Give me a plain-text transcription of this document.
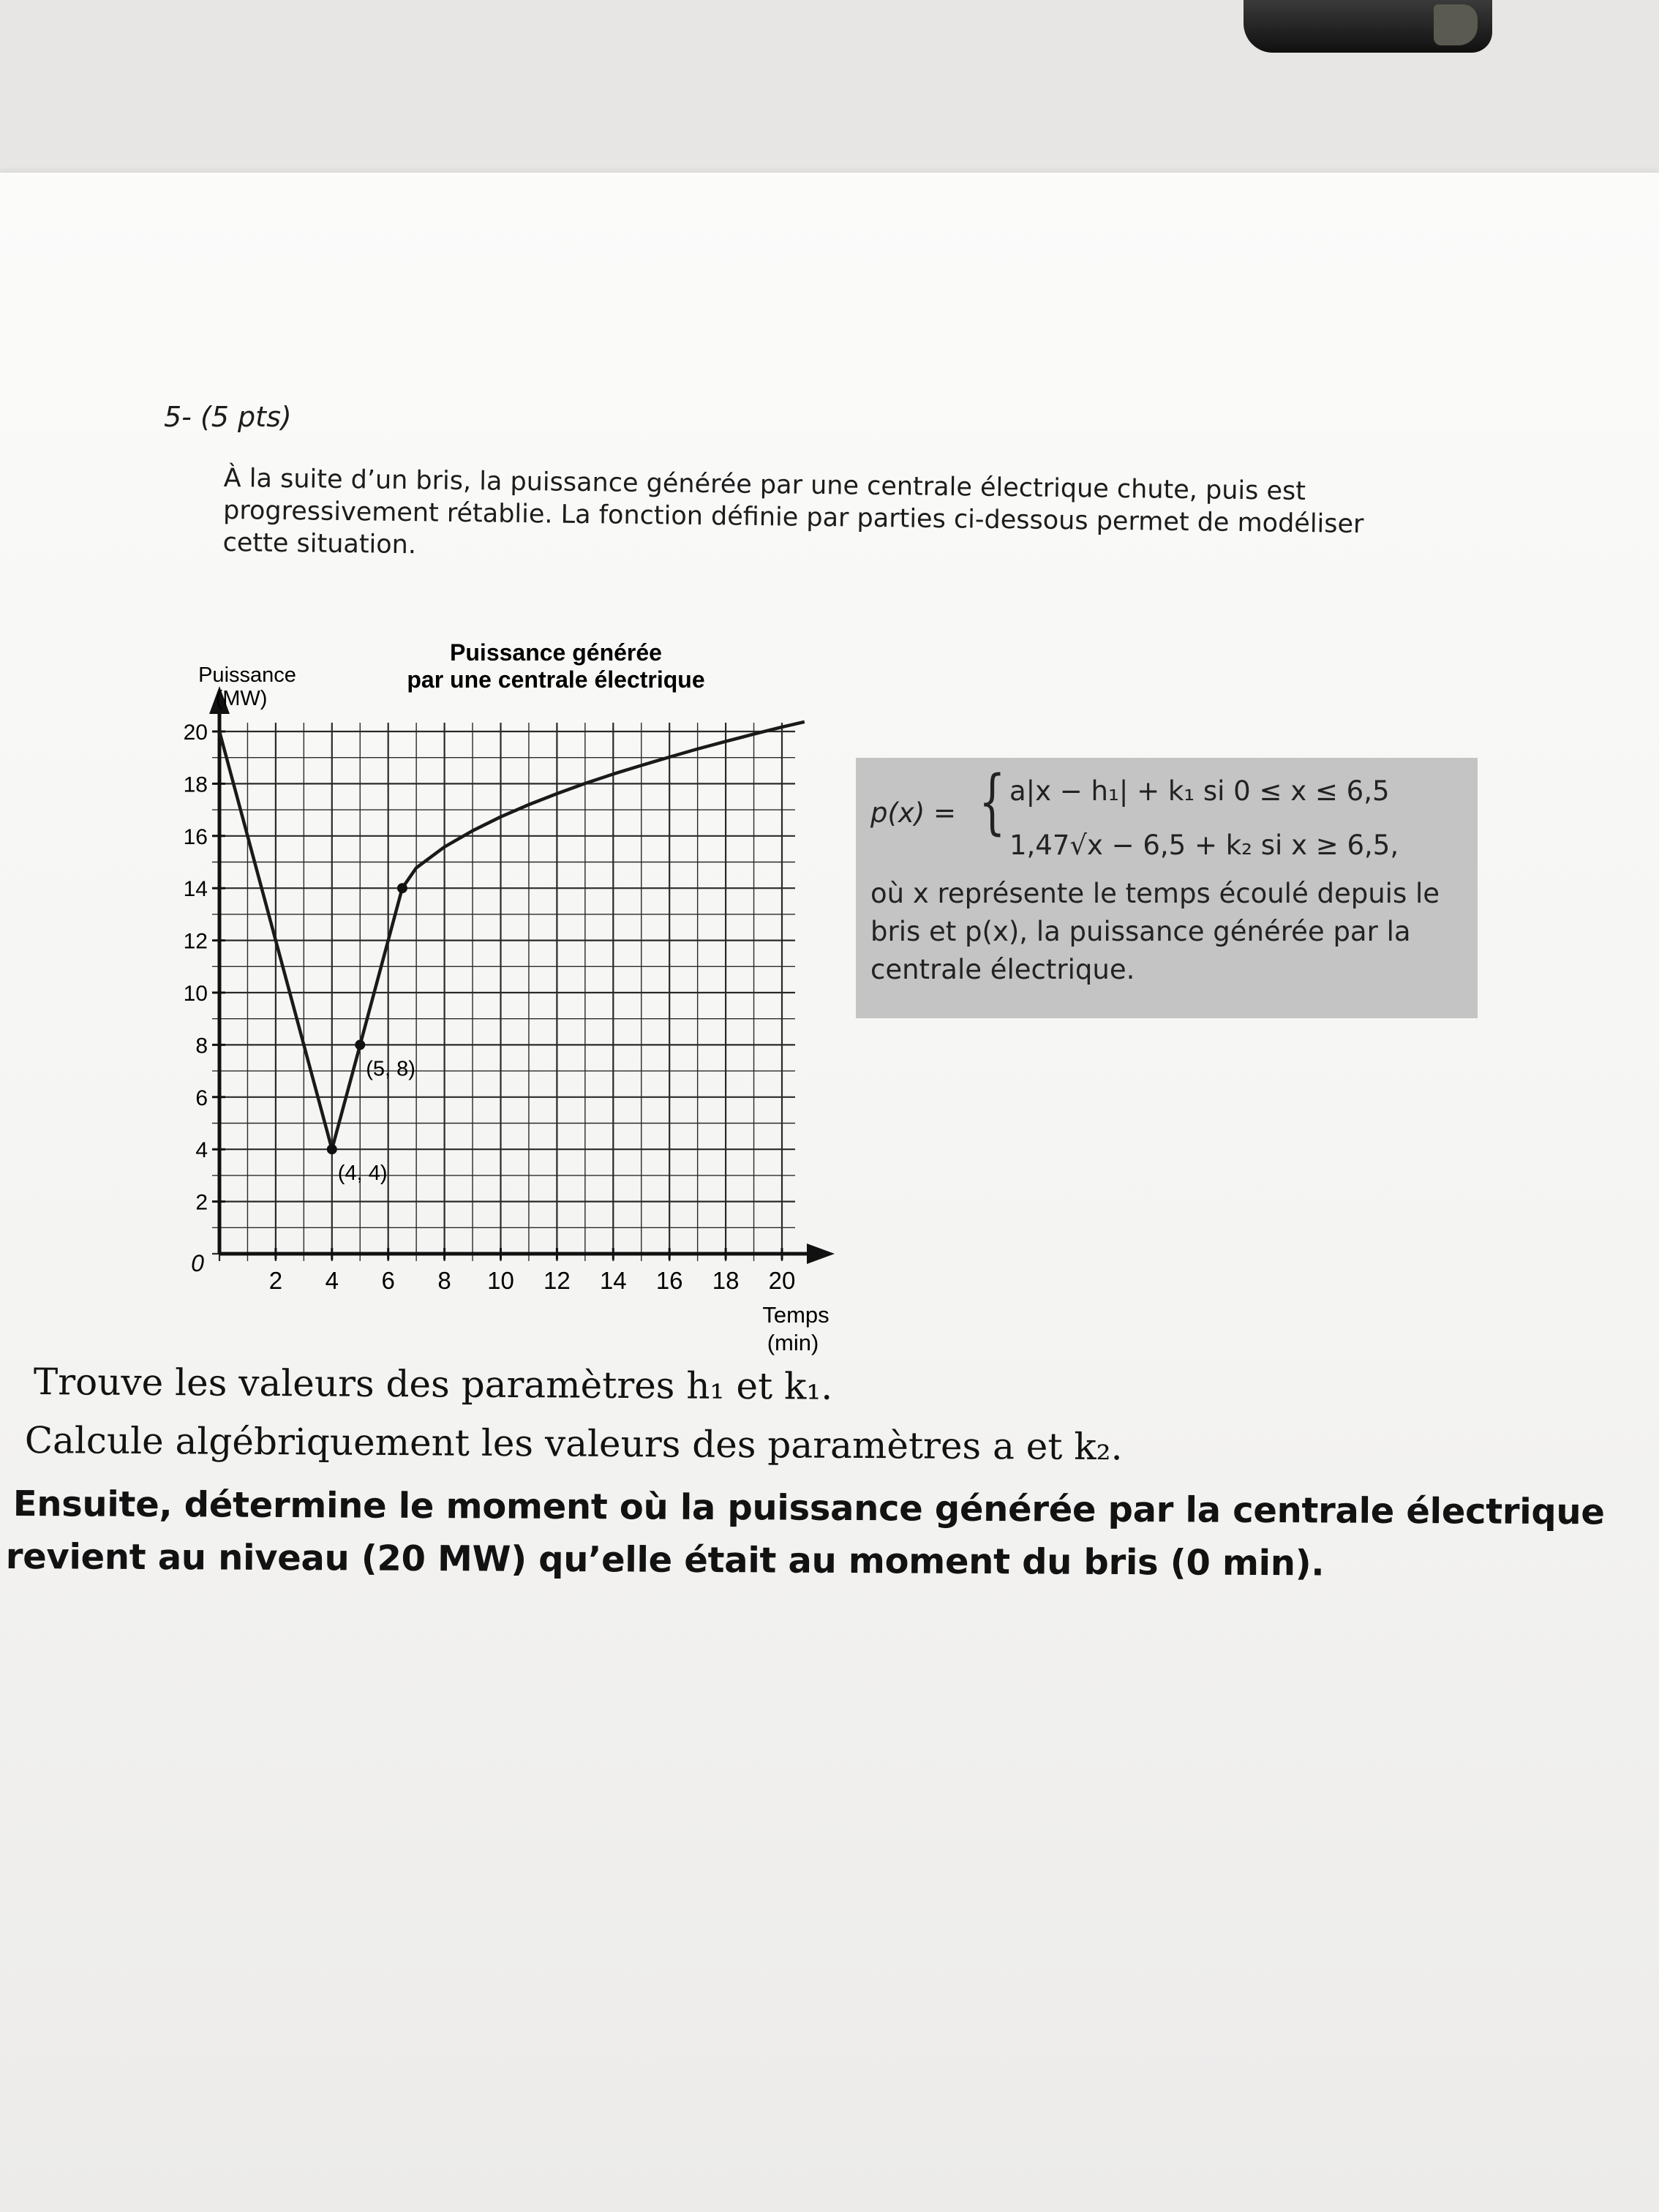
5- (5 pts)
À la suite d’un bris, la puissance générée par une centrale électrique chute, puis est progressivement rétablie. La fonction définie par parties ci-dessous permet de modéliser cette situation.
2 4 6 8 10 12 14 16 18 20
2
4
6
8
10
12
14
16
18
20
(4, 4)
(5, 8)
Puissance générée
par une centrale électrique
Puissance
(MW)
Temps
(min)
0
p(x) = { a|x − h₁| + k₁ si 0 ≤ x ≤ 6,5
1,47√x − 6,5 + k₂ si x ≥ 6,5,
où x représente le temps écoulé depuis le bris et p(x), la puissance générée par la centrale électrique.
Trouve les valeurs des paramètres h₁ et k₁.
Calcule algébriquement les valeurs des paramètres a et k₂.
Ensuite, détermine le moment où la puissance générée par la centrale électrique
revient au niveau (20 MW) qu’elle était au moment du bris (0 min).
